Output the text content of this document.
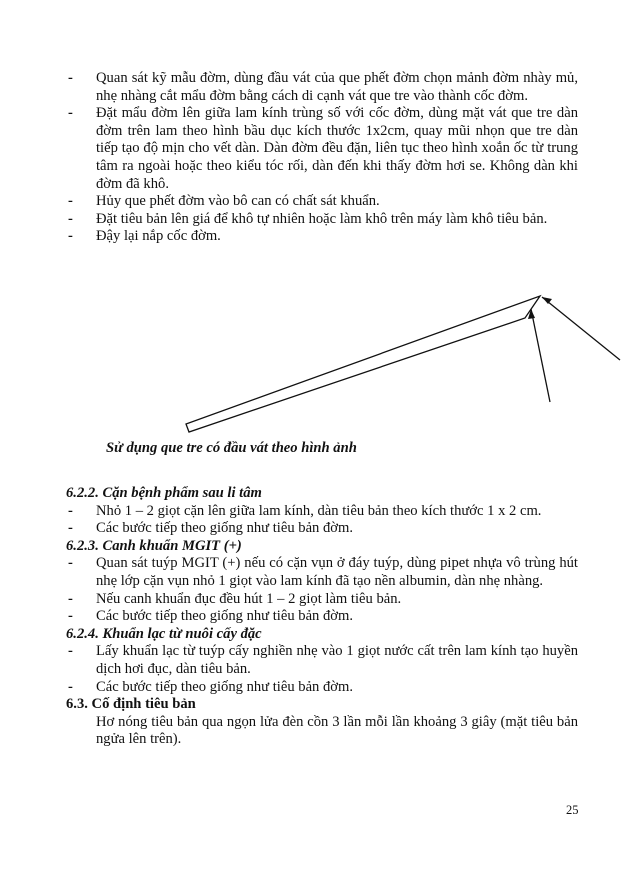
- Quan sát kỹ mẫu đờm, dùng đầu vát của que phết đờm chọn mảnh đờm nhày mủ, nhẹ nhàng cắt mẩu đờm bằng cách di cạnh vát que tre vào thành cốc đờm.
- Đặt mẩu đờm lên giữa lam kính trùng số với cốc đờm, dùng mặt vát que tre dàn đờm trên lam theo hình bầu dục kích thước 1x2cm, quay mũi nhọn que tre dàn tiếp tạo độ mịn cho vết dàn. Dàn đờm đều đặn, liên tục theo hình xoắn ốc từ trung tâm ra ngoài hoặc theo kiểu tóc rối, dàn đến khi thấy đờm hơi se. Không dàn khi đờm đã khô.
- Hủy que phết đờm vào bô can có chất sát khuẩn.
- Đặt tiêu bản lên giá để khô tự nhiên hoặc làm khô trên máy làm khô tiêu bản.
- Đậy lại nắp cốc đờm.
Sử dụng que tre có đầu vát theo hình ảnh
6.2.2. Cặn bệnh phẩm sau li tâm
- Nhỏ 1 – 2 giọt cặn lên giữa lam kính, dàn tiêu bản theo kích thước 1 x 2 cm.
- Các bước tiếp theo giống như tiêu bản đờm.
6.2.3. Canh khuẩn MGIT (+)
- Quan sát tuýp MGIT (+) nếu có cặn vụn ở đáy tuýp, dùng pipet nhựa vô trùng hút nhẹ lớp cặn vụn nhỏ 1 giọt vào lam kính đã tạo nền albumin, dàn nhẹ nhàng.
- Nếu canh khuẩn đục đều hút 1 – 2 giọt làm tiêu bản.
- Các bước tiếp theo giống như tiêu bản đờm.
6.2.4. Khuẩn lạc từ nuôi cấy đặc
- Lấy khuẩn lạc từ tuýp cấy nghiền nhẹ vào 1 giọt nước cất trên lam kính tạo huyền dịch hơi đục, dàn tiêu bản.
- Các bước tiếp theo giống như tiêu bản đờm.
6.3. Cố định tiêu bản
Hơ nóng tiêu bản qua ngọn lửa đèn cồn 3 lần mỗi lần khoảng 3 giây (mặt tiêu bản ngửa lên trên).
25
